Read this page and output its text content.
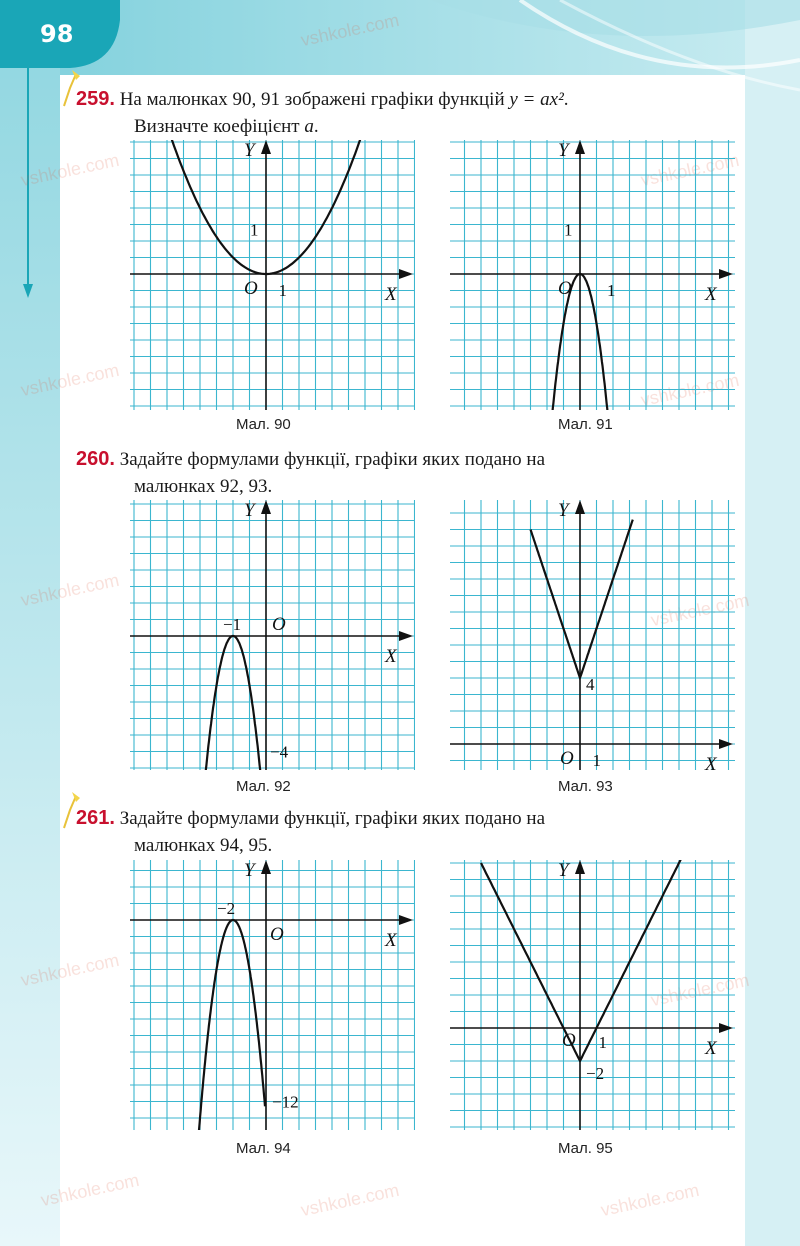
98	vshkole.com
vshkole.com	vshkole.com
vshkole.com	vshkole.com
vshkole.com	vshkole.com
vshkole.com	vshkole.com
vshkole.com	vshkole.com	vshkole.com
259. На малюнках 90, 91 зображені графіки функцій y = ax².
Визначте коефіцієнт a.
260. Задайте формулами функції, графіки яких подано на
малюнках 92, 93.
261. Задайте формулами функції, графіки яких подано на
малюнках 94, 95.
Y
X
O 1
1
Мал. 90
Y
X
O 1
1
Мал. 91
Y
X
O
−1
−4
Мал. 92
Y
X
O 1
4
Мал. 93
Y
X
O
−2
−12
Мал. 94
Y
X
O 1
−2
Мал. 95
